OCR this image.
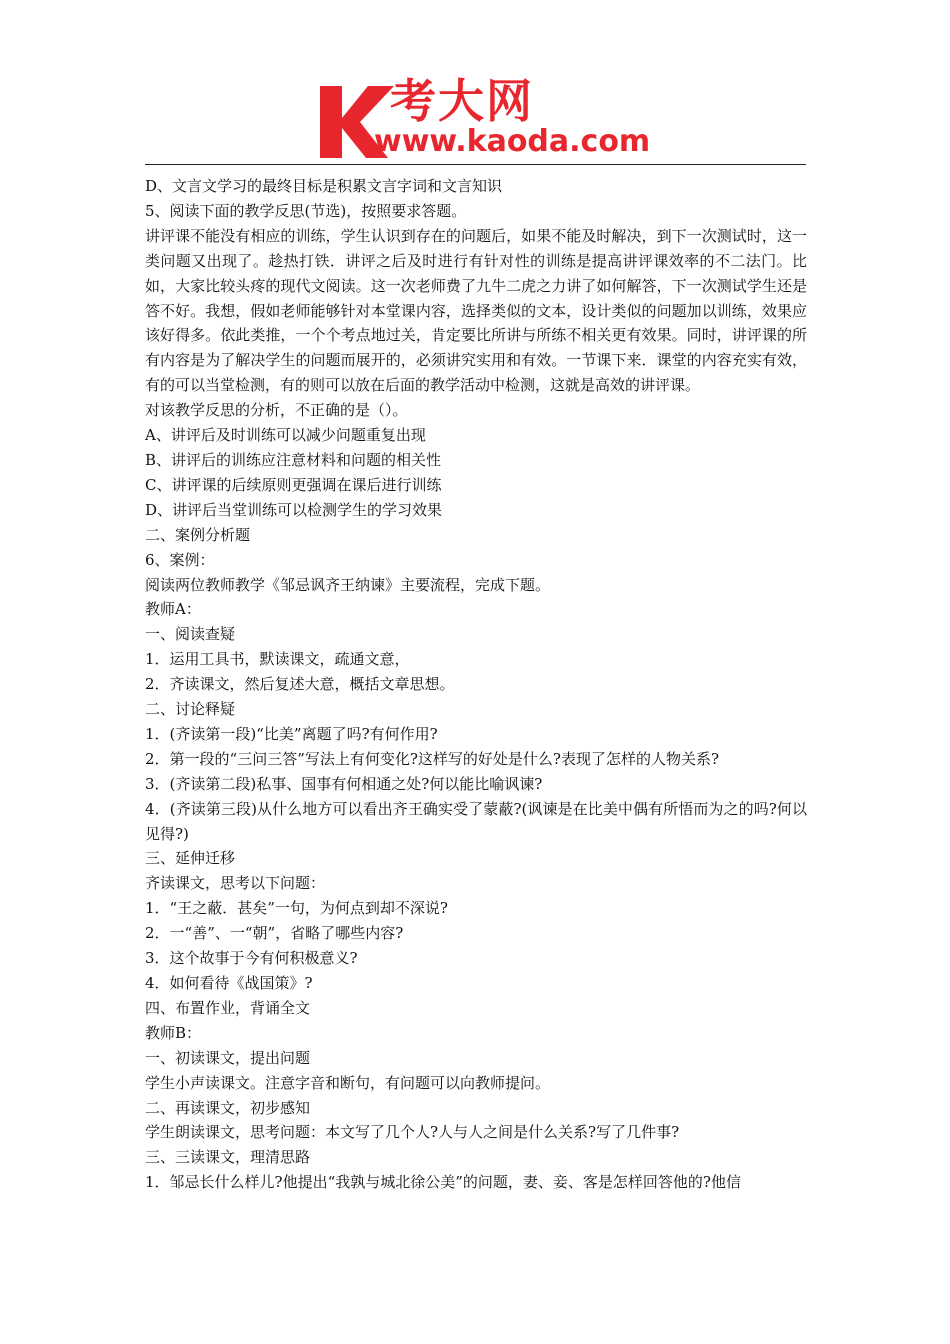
考大网
www.kaoda.com

D、文言文学习的最终目标是积累文言字词和文言知识

5、阅读下面的教学反思(节选)，按照要求答题。

讲评课不能没有相应的训练，学生认识到存在的问题后，如果不能及时解决，到下一次测试时，这一类问题又出现了。趁热打铁．讲评之后及时进行有针对性的训练是提高讲评课效率的不二法门。比如，大家比较头疼的现代文阅读。这一次老师费了九牛二虎之力讲了如何解答，下一次测试学生还是答不好。我想，假如老师能够针对本堂课内容，选择类似的文本，设计类似的问题加以训练，效果应该好得多。依此类推，一个个考点地过关，肯定要比所讲与所练不相关更有效果。同时，讲评课的所有内容是为了解决学生的问题而展开的，必须讲究实用和有效。一节课下来．课堂的内容充实有效，有的可以当堂检测，有的则可以放在后面的教学活动中检测，这就是高效的讲评课。

对该教学反思的分析，不正确的是（）。

A、讲评后及时训练可以减少问题重复出现

B、讲评后的训练应注意材料和问题的相关性

C、讲评课的后续原则更强调在课后进行训练

D、讲评后当堂训练可以检测学生的学习效果

二、案例分析题

6、案例：

阅读两位教师教学《邹忌讽齐王纳谏》主要流程，完成下题。

教师A：

一、阅读查疑

1．运用工具书，默读课文，疏通文意，

2．齐读课文，然后复述大意，概括文章思想。

二、讨论释疑

1．(齐读第一段)“比美”离题了吗?有何作用?

2．第一段的“三问三答”写法上有何变化?这样写的好处是什么?表现了怎样的人物关系?

3．(齐读第二段)私事、国事有何相通之处?何以能比喻讽谏?

4．(齐读第三段)从什么地方可以看出齐王确实受了蒙蔽?(讽谏是在比美中偶有所悟而为之的吗?何以见得?)

三、延伸迁移

齐读课文，思考以下问题：

1．“王之蔽．甚矣”一句，为何点到却不深说?

2．一“善”、一“朝”，省略了哪些内容?

3．这个故事于今有何积极意义?

4．如何看待《战国策》?

四、布置作业，背诵全文

教师B：

一、初读课文，提出问题

学生小声读课文。注意字音和断句，有问题可以向教师提问。

二、再读课文，初步感知

学生朗读课文，思考问题：本文写了几个人?人与人之间是什么关系?写了几件事?

三、三读课文，理清思路

1．邹忌长什么样儿?他提出“我孰与城北徐公美”的问题，妻、妾、客是怎样回答他的?他信
